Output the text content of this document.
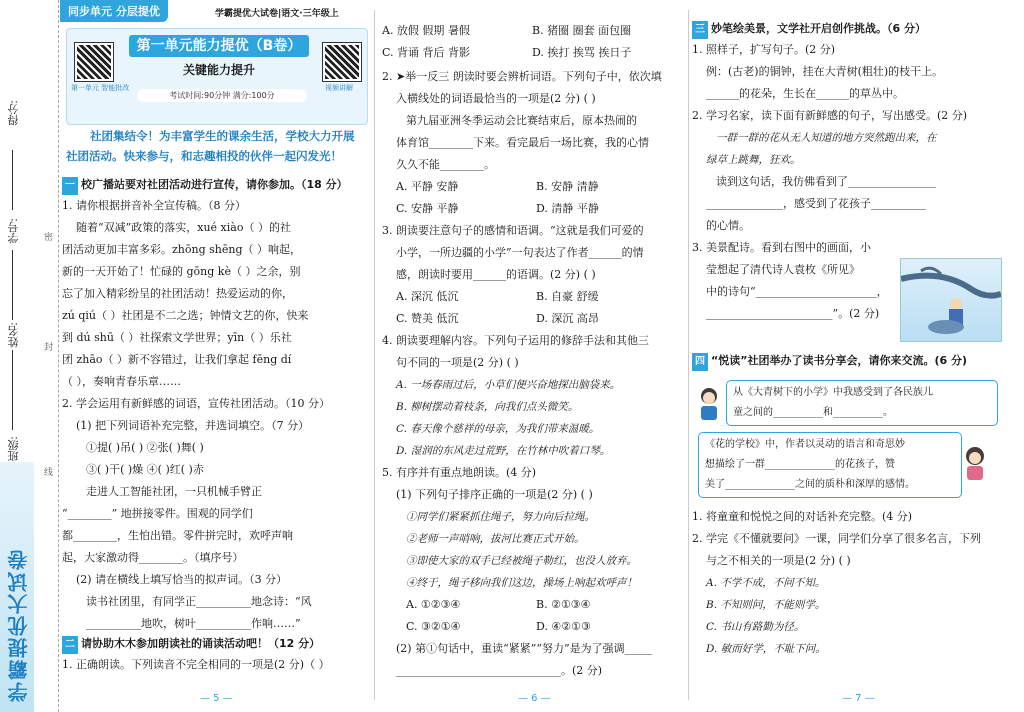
得分:
学号:
姓名:
班级:
密
封
线
学霸提优大试卷
同步单元 分层提优	学霸提优大试卷|语文·三年级上
第一单元能力提优（B卷）
关键能力提升
第一单元 智能批改	视频讲解
考试时间:90分钟 满分:100分

社团集结令！为丰富学生的课余生活，学校大力开展

社团活动。快来参与，和志趣相投的伙伴一起闪发光！

一 校广播站要对社团活动进行宣传，请你参加。（18 分）

1. 请你根据拼音补全宣传稿。（8 分）

随着“双减”政策的落实，xué xiào（ ）的社

团活动更加丰富多彩。zhōng shēng（ ）响起，

新的一天开始了！忙碌的 gōng kè（ ）之余，别

忘了加入精彩纷呈的社团活动！热爱运动的你，

zú qiú（ ）社团是不二之选；钟情文艺的你，快来

到 dú shū（ ）社探索文学世界；yīn（ ）乐社

团 zhāo（ ）新不容错过，让我们拿起 fēng dí

（ ），奏响青春乐章……

2. 学会运用有新鲜感的词语，宣传社团活动。（10 分）

(1) 把下列词语补充完整，并选词填空。（7 分）

①提( )吊( ) ②张( )舞( )

③( )干( )燥 ④( )红( )赤

走进人工智能社团，一只机械手臂正

“________” 地拼接零件。围观的同学们

都________，生怕出错。零件拼完时，欢呼声响

起，大家激动得________。（填序号）

(2) 请在横线上填写恰当的拟声词。（3 分）

读书社团里，有同学正__________地念诗：“风

__________地吹，树叶__________作响……”

二 请协助木木参加朗读社的诵读活动吧！（12 分）

1. 正确朗读。下列读音不完全相同的一项是(2 分)（ ）

— 5 —

A. 放假 假期 暑假	B. 猪圈 圈套 面包圈

C. 背诵 背后 背影	D. 挨打 挨骂 挨日子

2. ➤举一反三 朗读时要会辨析词语。下列句子中，依次填

入横线处的词语最恰当的一项是(2 分) ( )

第九届亚洲冬季运动会比赛结束后，原本热闹的

体育馆________下来。看完最后一场比赛，我的心情

久久不能________。

A. 平静 安静	B. 安静 清静

C. 安静 平静	D. 清静 平静

3. 朗读要注意句子的感情和语调。“这就是我们可爱的

小学，一所边疆的小学”一句表达了作者______的情

感，朗读时要用______的语调。(2 分) ( )

A. 深沉 低沉	B. 自豪 舒缓

C. 赞美 低沉	D. 深沉 高昂

4. 朗读要理解内容。下列句子运用的修辞手法和其他三

句不同的一项是(2 分) ( )

A. 一场春雨过后，小草们便兴奋地探出脑袋来。

B. 柳树摆动着枝条，向我们点头微笑。

C. 春天像个慈祥的母亲，为我们带来温暖。

D. 湿润的东风走过荒野，在竹林中吹着口琴。

5. 有序并有重点地朗读。(4 分)

(1) 下列句子排序正确的一项是(2 分) ( )

①同学们紧紧抓住绳子，努力向后拉绳。

②老师一声哨响，拔河比赛正式开始。

③即使大家的双手已经被绳子勒红，也没人放弃。

④终于，绳子移向我们这边，操场上响起欢呼声！

A. ①②③④	B. ②①③④

C. ③②①④	D. ④②①③

(2) 第①句话中，重读“紧紧”“努力”是为了强调_____

______________________________。(2 分)

— 6 —
三 妙笔绘美景，文学社开启创作挑战。（6 分）

1. 照样子，扩写句子。(2 分)

例：(古老)的铜钟，挂在大青树(粗壮)的枝干上。

______的花朵，生长在______的草丛中。

2. 学习名家，读下面有新鲜感的句子，写出感受。(2 分)

一群一群的花从无人知道的地方突然跑出来，在

绿草上跳舞，狂欢。

读到这句话，我仿佛看到了________________

______________，感受到了花孩子__________

的心情。

3. 美景配诗。看到右图中的画面，小

莹想起了清代诗人袁枚《所见》

中的诗句“______________________，

_______________________”。(2 分)

四 “悦读”社团举办了读书分享会，请你来交流。(6 分)

从《大青树下的小学》中我感受到了各民族儿

童之间的__________和__________。

《花的学校》中，作者以灵动的语言和奇思妙

想描绘了一群______________的花孩子，赞

美了______________之间的质朴和深厚的感情。

1. 将童童和悦悦之间的对话补充完整。(4 分)

2. 学完《不懂就要问》一课，同学们分享了很多名言，下列

与之不相关的一项是(2 分) ( )

A. 不学不成，不问不知。

B. 不知则问，不能则学。

C. 书山有路勤为径。

D. 敏而好学，不耻下问。

— 7 —
